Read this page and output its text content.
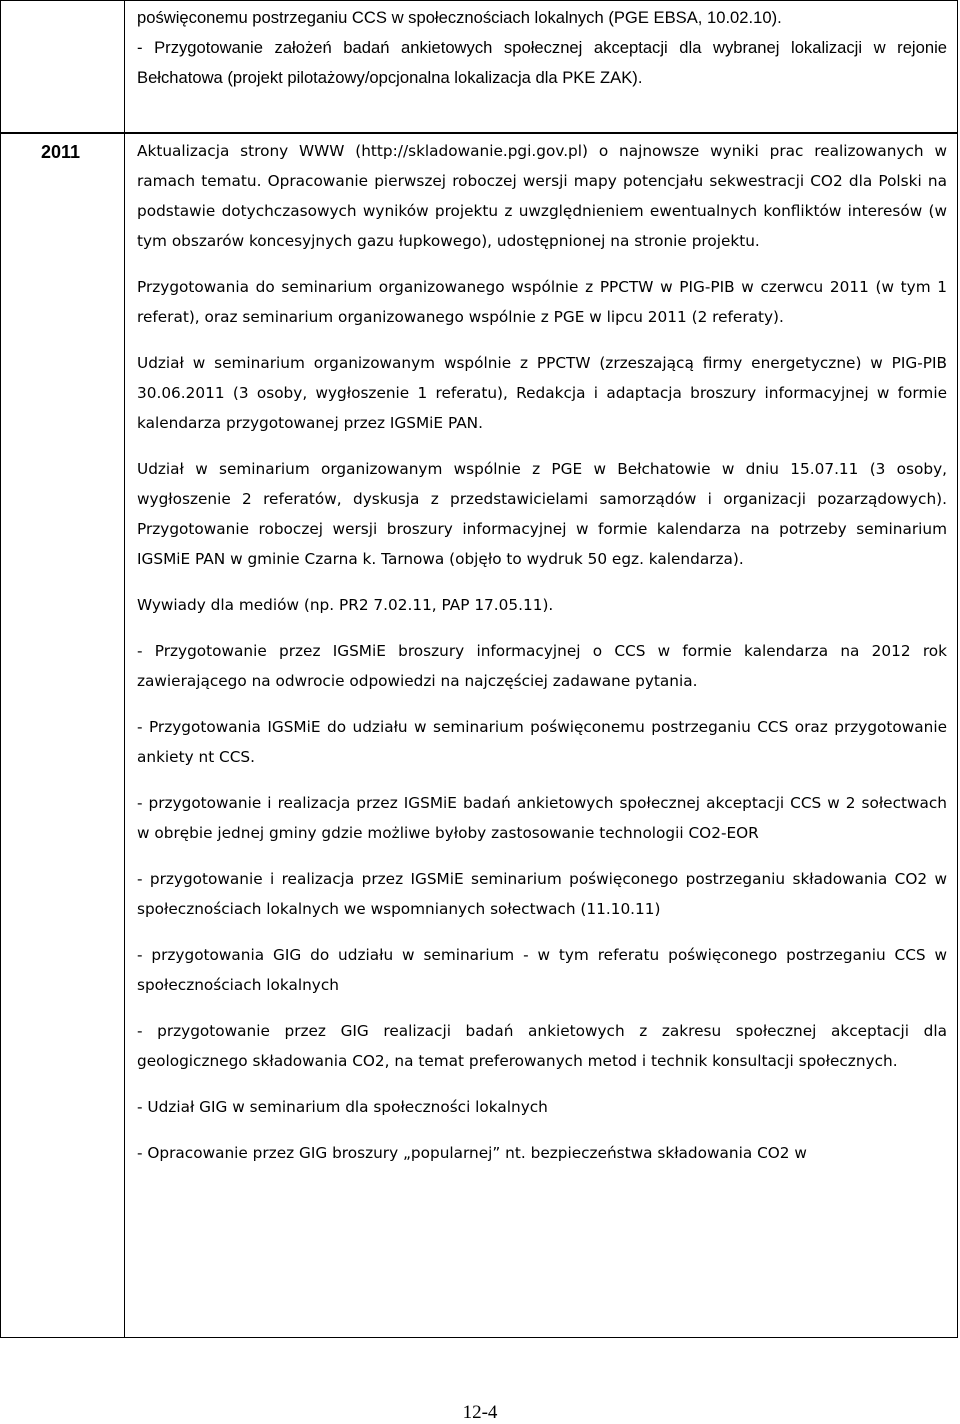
poświęconemu postrzeganiu CCS w społecznościach lokalnych (PGE EBSA, 10.02.10).

- Przygotowanie założeń badań ankietowych społecznej akceptacji dla wybranej lokalizacji w rejonie Bełchatowa (projekt pilotażowy/opcjonalna lokalizacja dla PKE ZAK).

2011	Aktualizacja strony WWW (http://skladowanie.pgi.gov.pl) o najnowsze wyniki prac realizowanych w ramach tematu. Opracowanie pierwszej roboczej wersji mapy potencjału sekwestracji CO2 dla Polski na podstawie dotychczasowych wyników projektu z uwzględnieniem ewentualnych konfliktów interesów (w tym obszarów koncesyjnych gazu łupkowego), udostępnionej na stronie projektu.

Przygotowania do seminarium organizowanego wspólnie z PPCTW w PIG-PIB w czerwcu 2011 (w tym 1 referat), oraz seminarium organizowanego wspólnie z PGE w lipcu 2011 (2 referaty).

Udział w seminarium organizowanym wspólnie z PPCTW (zrzeszającą firmy energetyczne) w PIG-PIB 30.06.2011 (3 osoby, wygłoszenie 1 referatu), Redakcja i adaptacja broszury informacyjnej w formie kalendarza przygotowanej przez IGSMiE PAN.

Udział w seminarium organizowanym wspólnie z PGE w Bełchatowie w dniu 15.07.11 (3 osoby, wygłoszenie 2 referatów, dyskusja z przedstawicielami samorządów i organizacji pozarządowych). Przygotowanie roboczej wersji broszury informacyjnej w formie kalendarza na potrzeby seminarium IGSMiE PAN w gminie Czarna k. Tarnowa (objęło to wydruk 50 egz. kalendarza).

Wywiady dla mediów (np. PR2 7.02.11, PAP 17.05.11).

- Przygotowanie przez IGSMiE broszury informacyjnej o CCS w formie kalendarza na 2012 rok zawierającego na odwrocie odpowiedzi na najczęściej zadawane pytania.

- Przygotowania IGSMiE do udziału w seminarium poświęconemu postrzeganiu CCS oraz przygotowanie ankiety nt CCS.

- przygotowanie i realizacja przez IGSMiE badań ankietowych społecznej akceptacji CCS w 2 sołectwach w obrębie jednej gminy gdzie możliwe byłoby zastosowanie technologii CO2-EOR

- przygotowanie i realizacja przez IGSMiE seminarium poświęconego postrzeganiu składowania CO2 w społecznościach lokalnych we wspomnianych sołectwach (11.10.11)

- przygotowania GIG do udziału w seminarium - w tym referatu poświęconego postrzeganiu CCS w społecznościach lokalnych

- przygotowanie przez GIG realizacji badań ankietowych z zakresu społecznej akceptacji dla geologicznego składowania CO2, na temat preferowanych metod i technik konsultacji społecznych.

- Udział GIG w seminarium dla społeczności lokalnych

- Opracowanie przez GIG broszury „popularnej” nt. bezpieczeństwa składowania CO2 w

12-4
